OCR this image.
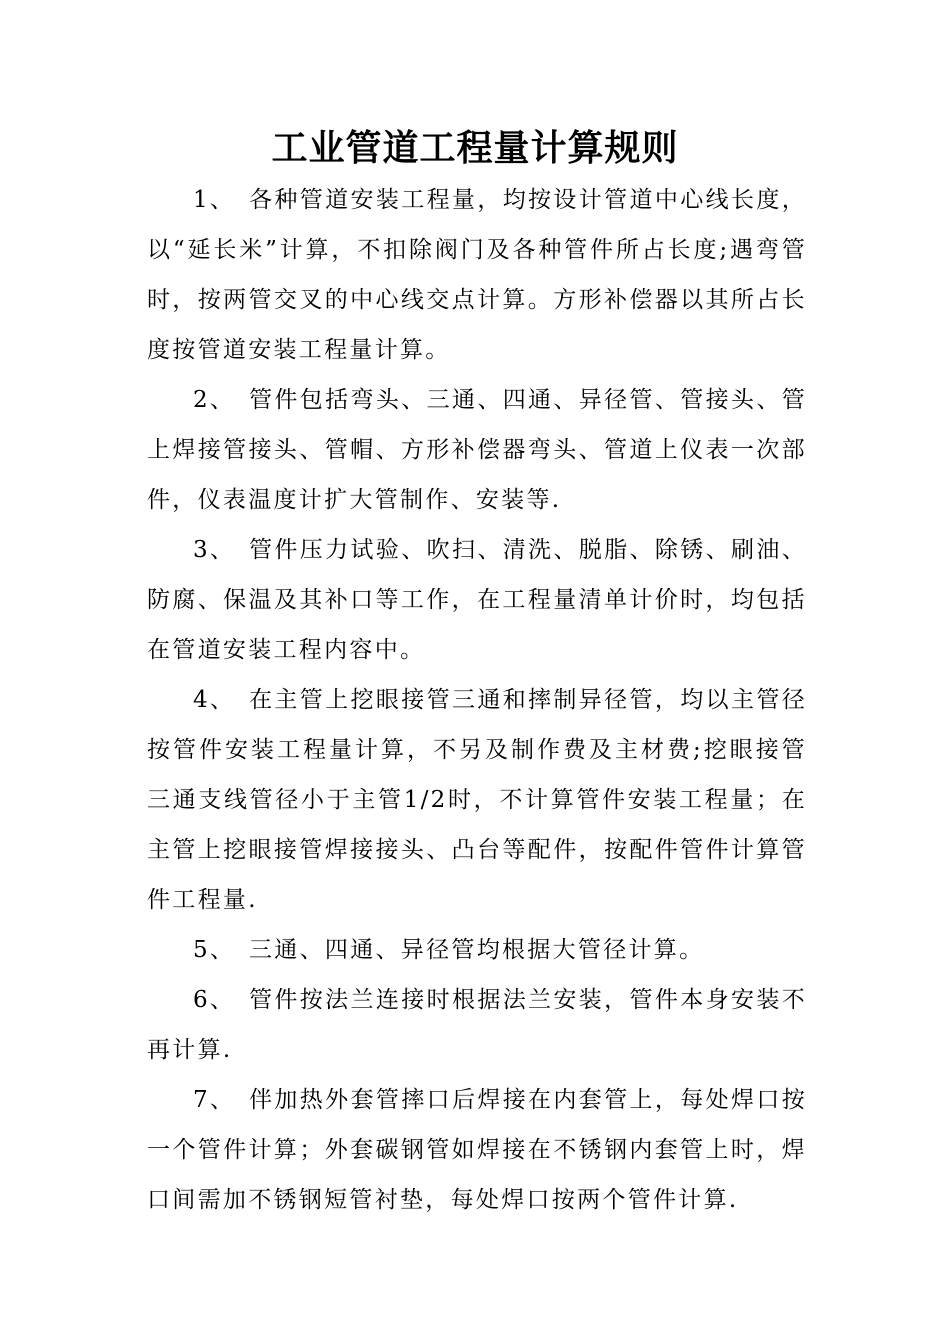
工业管道工程量计算规则

1、 各种管道安装工程量，均按设计管道中心线长度，以“延长米”计算，不扣除阀门及各种管件所占长度;遇弯管时，按两管交叉的中心线交点计算。方形补偿器以其所占长度按管道安装工程量计算。

2、 管件包括弯头、三通、四通、异径管、管接头、管上焊接管接头、管帽、方形补偿器弯头、管道上仪表一次部件，仪表温度计扩大管制作、安装等.

3、 管件压力试验、吹扫、清洗、脱脂、除锈、刷油、防腐、保温及其补口等工作，在工程量清单计价时，均包括在管道安装工程内容中。

4、 在主管上挖眼接管三通和摔制异径管，均以主管径按管件安装工程量计算，不另及制作费及主材费;挖眼接管三通支线管径小于主管1/2时，不计算管件安装工程量；在主管上挖眼接管焊接接头、凸台等配件，按配件管件计算管件工程量.

5、 三通、四通、异径管均根据大管径计算。

6、 管件按法兰连接时根据法兰安装，管件本身安装不再计算.

7、 伴加热外套管摔口后焊接在内套管上，每处焊口按一个管件计算；外套碳钢管如焊接在不锈钢内套管上时，焊口间需加不锈钢短管衬垫，每处焊口按两个管件计算.
